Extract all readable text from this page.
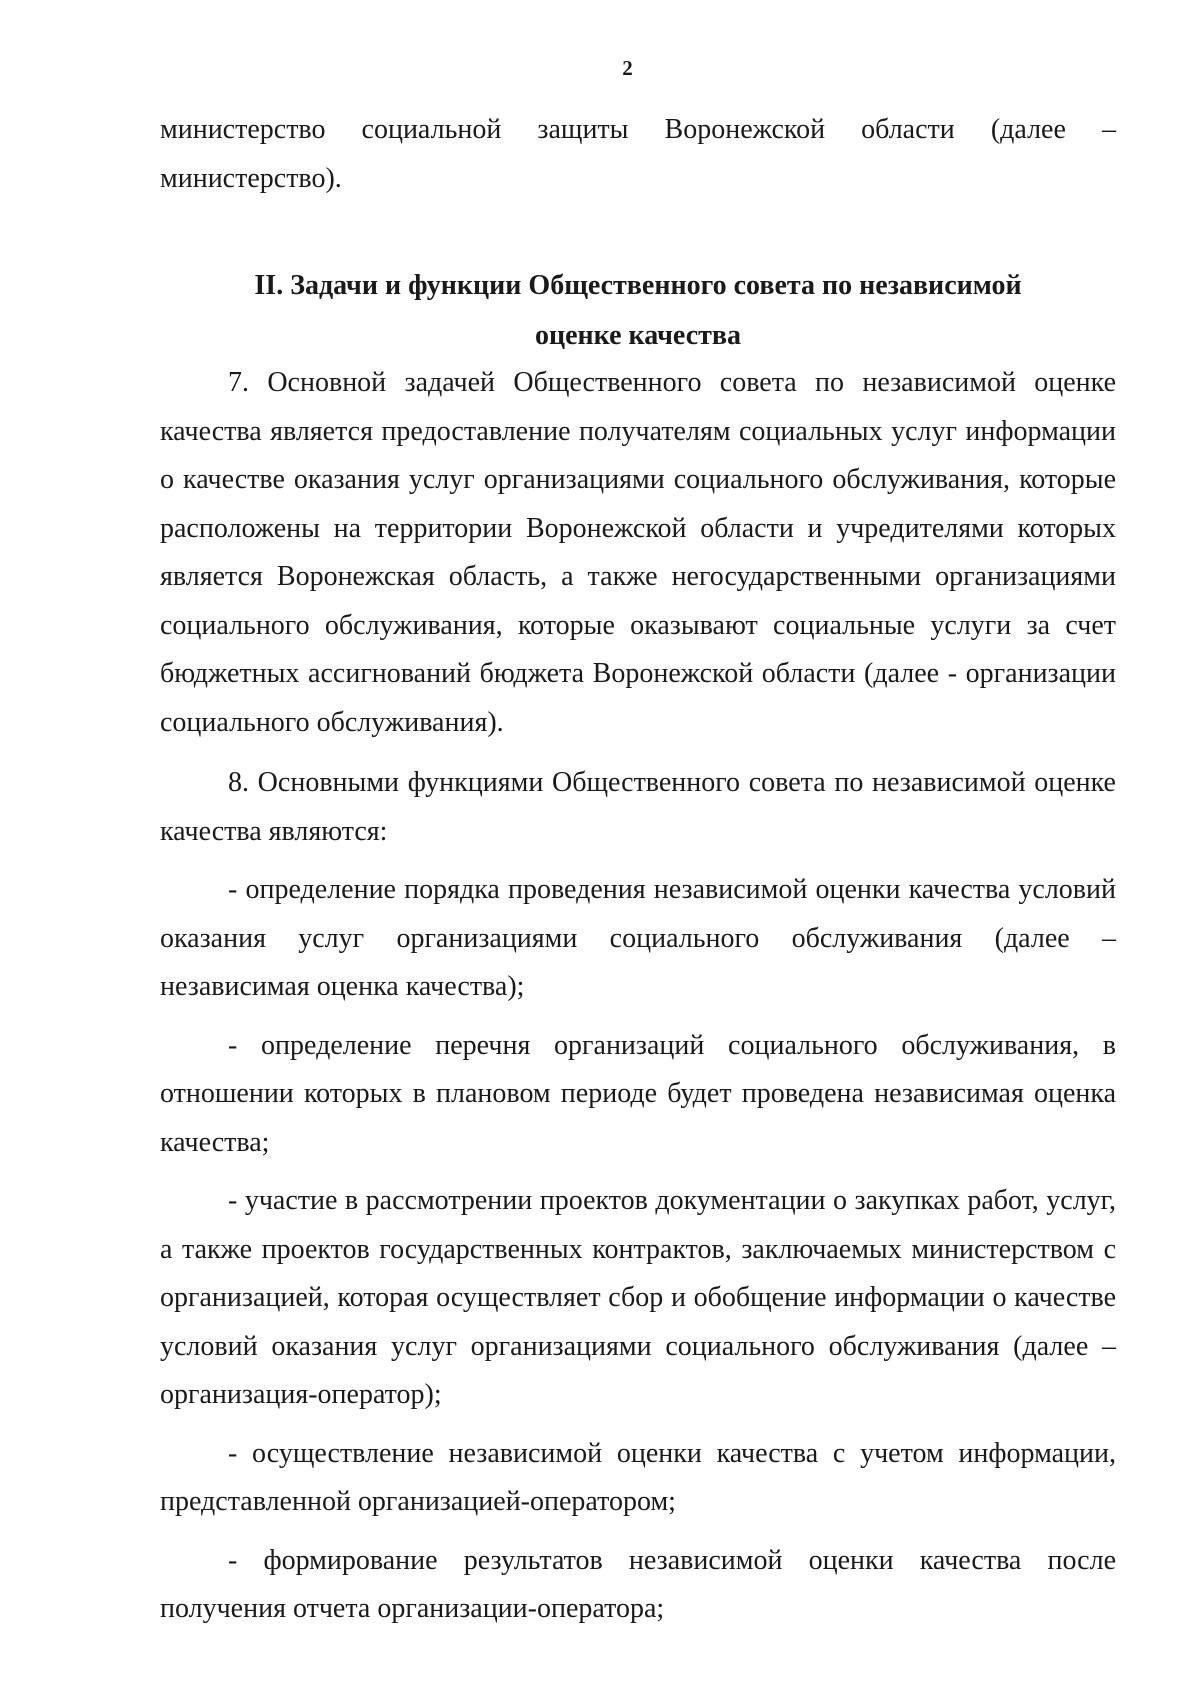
2

министерство социальной защиты Воронежской области (далее – министерство).

II. Задачи и функции Общественного совета по независимой
оценке качества

7. Основной задачей Общественного совета по независимой оценке качества является предоставление получателям социальных услуг информации о качестве оказания услуг организациями социального обслуживания, которые расположены на территории Воронежской области и учредителями которых является Воронежская область, а также негосударственными организациями социального обслуживания, которые оказывают социальные услуги за счет бюджетных ассигнований бюджета Воронежской области (далее - организации социального обслуживания).

8. Основными функциями Общественного совета по независимой оценке качества являются:

- определение порядка проведения независимой оценки качества условий оказания услуг организациями социального обслуживания (далее – независимая оценка качества);

- определение перечня организаций социального обслуживания, в отношении которых в плановом периоде будет проведена независимая оценка качества;

- участие в рассмотрении проектов документации о закупках работ, услуг, а также проектов государственных контрактов, заключаемых министерством с организацией, которая осуществляет сбор и обобщение информации о качестве условий оказания услуг организациями социального обслуживания (далее – организация-оператор);

- осуществление независимой оценки качества с учетом информации, представленной организацией-оператором;

- формирование результатов независимой оценки качества после получения отчета организации-оператора;
